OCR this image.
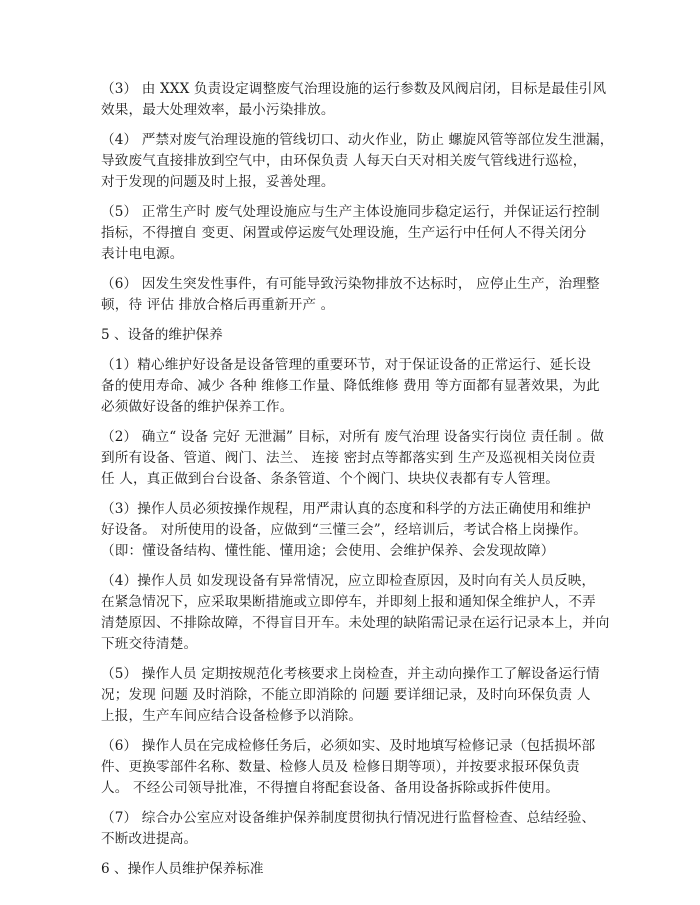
（3） 由 XXX 负责设定调整废气治理设施的运行参数及风阀启闭，目标是最佳引风
效果，最大处理效率，最小污染排放。

（4） 严禁对废气治理设施的管线切口、动火作业，防止 螺旋风管等部位发生泄漏，
导致废气直接排放到空气中，由环保负责 人每天白天对相关废气管线进行巡检，
对于发现的问题及时上报，妥善处理。

（5） 正常生产时 废气处理设施应与生产主体设施同步稳定运行，并保证运行控制
指标，不得擅自 变更、闲置或停运废气处理设施，生产运行中任何人不得关闭分
表计电电源。

（6） 因发生突发性事件，有可能导致污染物排放不达标时， 应停止生产，治理整
顿，待 评估 排放合格后再重新开产 。

5 、设备的维护保养

（1）精心维护好设备是设备管理的重要环节，对于保证设备的正常运行、延长设
备的使用寿命、减少 各种 维修工作量、降低维修 费用 等方面都有显著效果，为此
必须做好设备的维护保养工作。

（2） 确立“ 设备 完好 无泄漏” 目标，对所有 废气治理 设备实行岗位 责任制 。做
到所有设备、管道、阀门、法兰、 连接 密封点等都落实到 生产及巡视相关岗位责
任 人，真正做到台台设备、条条管道、个个阀门、块块仪表都有专人管理。

（3）操作人员必须按操作规程，用严肃认真的态度和科学的方法正确使用和维护
好设备。 对所使用的设备，应做到“三懂三会”，经培训后，考试合格上岗操作。
（即：懂设备结构、懂性能、懂用途；会使用、会维护保养、会发现故障）

（4）操作人员 如发现设备有异常情况，应立即检查原因，及时向有关人员反映，
在紧急情况下，应采取果断措施或立即停车，并即刻上报和通知保全维护人，不弄
清楚原因、不排除故障，不得盲目开车。未处理的缺陷需记录在运行记录本上，并向
下班交待清楚。

（5） 操作人员 定期按规范化考核要求上岗检查，并主动向操作工了解设备运行情
况；发现 问题 及时消除，不能立即消除的 问题 要详细记录，及时向环保负责 人
上报，生产车间应结合设备检修予以消除。

（6） 操作人员在完成检修任务后，必须如实、及时地填写检修记录（包括损坏部
件、更换零部件名称、数量、检修人员及 检修日期等项），并按要求报环保负责
人。 不经公司领导批准，不得擅自将配套设备、备用设备拆除或拆件使用。

（7） 综合办公室应对设备维护保养制度贯彻执行情况进行监督检查、总结经验、
不断改进提高。

6 、操作人员维护保养标准
